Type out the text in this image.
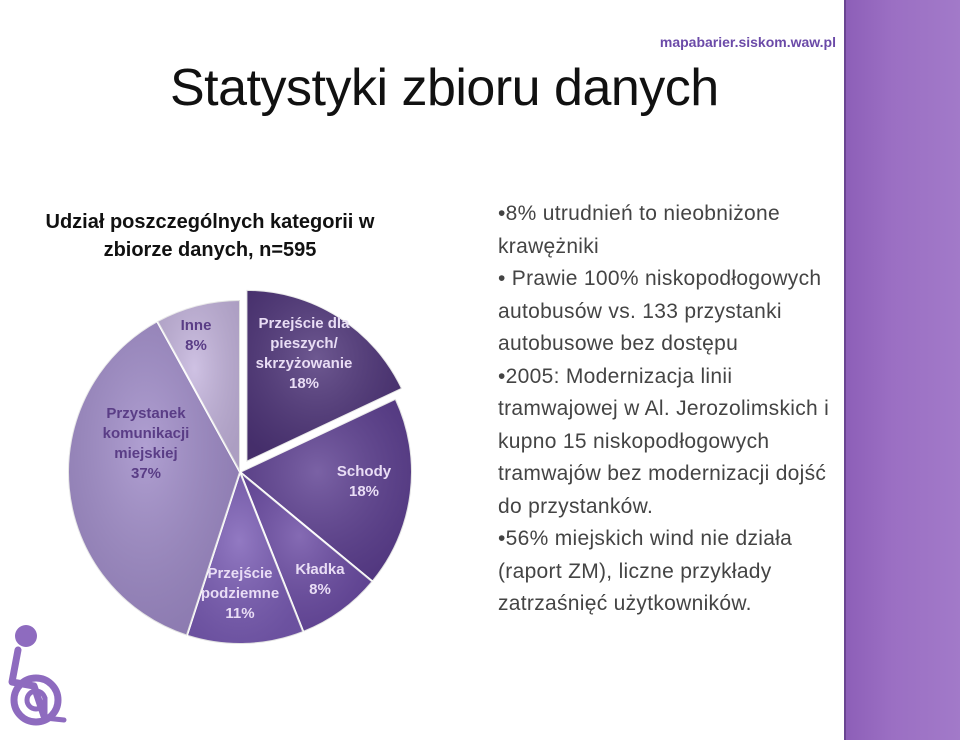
mapabarier.siskom.waw.pl
Statystyki zbioru danych
Udział poszczególnych kategorii w
zbiorze danych, n=595
Przejście dla pieszych/ skrzyżowanie 18%
Schody 18%
Kładka 8%
Przejście podziemne 11%
Przystanek komunikacji miejskiej 37%
Inne 8%

•8% utrudnień to nieobniżone krawężniki

• Prawie 100% niskopodłogowych autobusów vs. 133 przystanki autobusowe bez dostępu

•2005: Modernizacja linii tramwajowej w Al. Jerozolimskich i kupno 15 niskopodłogowych tramwajów bez modernizacji dojść do przystanków.

•56% miejskich wind nie działa (raport ZM), liczne przykłady zatrzaśnięć użytkowników.
